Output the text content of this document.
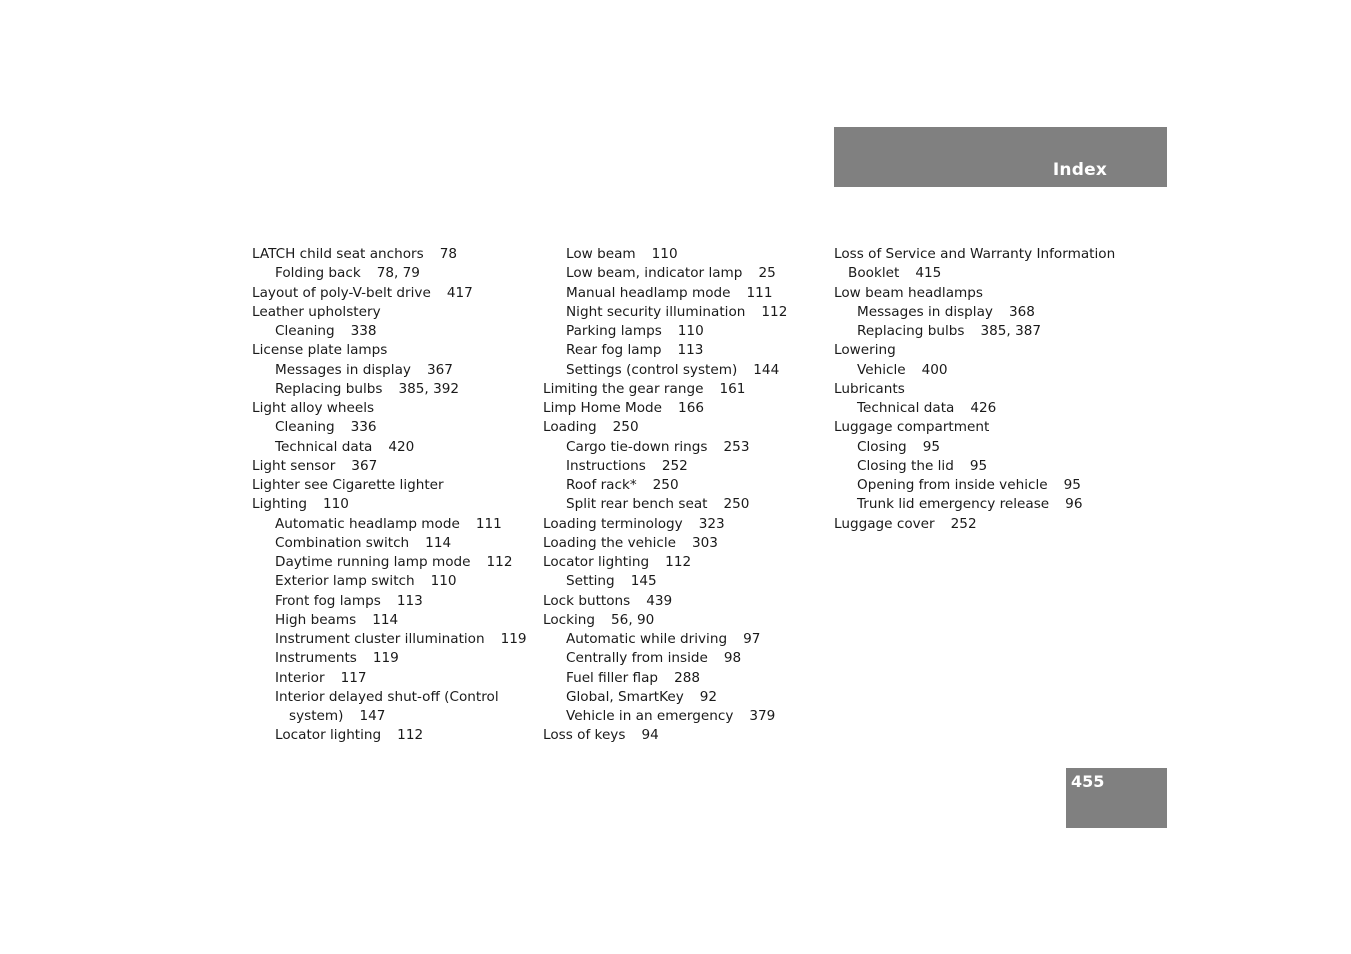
Index
LATCH child seat anchors 78
Folding back 78, 79
Layout of poly-V-belt drive 417
Leather upholstery
Cleaning 338
License plate lamps
Messages in display 367
Replacing bulbs 385, 392
Light alloy wheels
Cleaning 336
Technical data 420
Light sensor 367
Lighter see Cigarette lighter
Lighting 110
Automatic headlamp mode 111
Combination switch 114
Daytime running lamp mode 112
Exterior lamp switch 110
Front fog lamps 113
High beams 114
Instrument cluster illumination 119
Instruments 119
Interior 117
Interior delayed shut-off (Control
system) 147
Locator lighting 112
Low beam 110
Low beam, indicator lamp 25
Manual headlamp mode 111
Night security illumination 112
Parking lamps 110
Rear fog lamp 113
Settings (control system) 144
Limiting the gear range 161
Limp Home Mode 166
Loading 250
Cargo tie-down rings 253
Instructions 252
Roof rack* 250
Split rear bench seat 250
Loading terminology 323
Loading the vehicle 303
Locator lighting 112
Setting 145
Lock buttons 439
Locking 56, 90
Automatic while driving 97
Centrally from inside 98
Fuel filler flap 288
Global, SmartKey 92
Vehicle in an emergency 379
Loss of keys 94
Loss of Service and Warranty Information
Booklet 415
Low beam headlamps
Messages in display 368
Replacing bulbs 385, 387
Lowering
Vehicle 400
Lubricants
Technical data 426
Luggage compartment
Closing 95
Closing the lid 95
Opening from inside vehicle 95
Trunk lid emergency release 96
Luggage cover 252
455
